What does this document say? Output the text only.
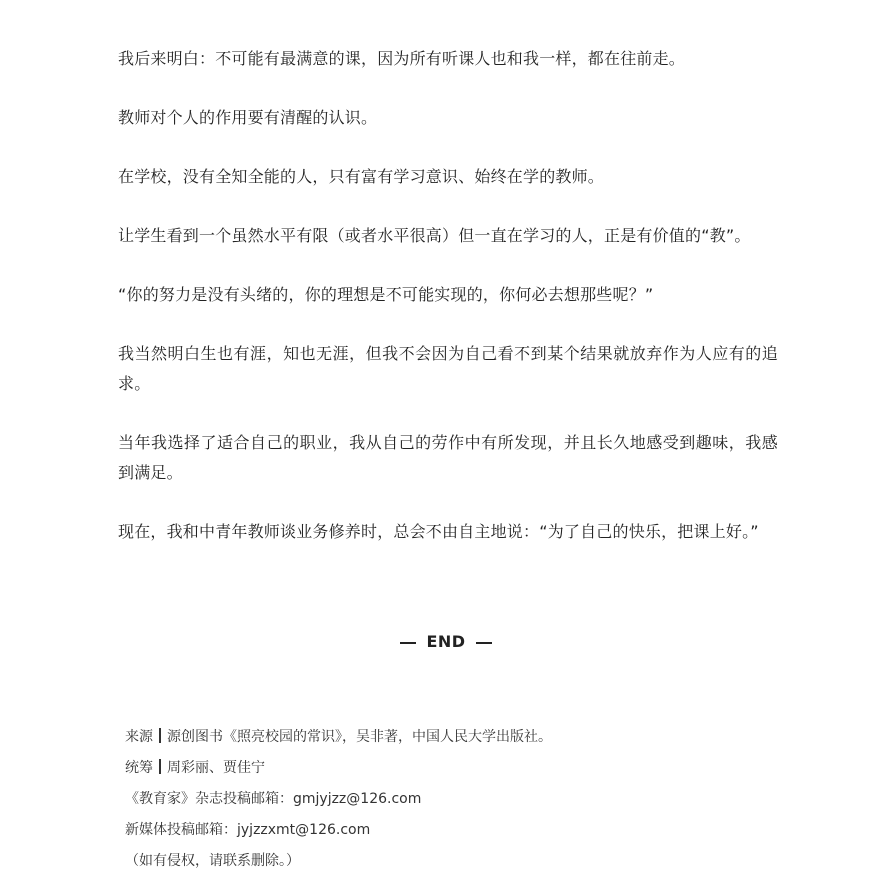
我后来明白：不可能有最满意的课，因为所有听课人也和我一样，都在往前走。

教师对个人的作用要有清醒的认识。

在学校，没有全知全能的人，只有富有学习意识、始终在学的教师。

让学生看到一个虽然水平有限（或者水平很高）但一直在学习的人，正是有价值的“教”。

“你的努力是没有头绪的，你的理想是不可能实现的，你何必去想那些呢？”

我当然明白生也有涯，知也无涯，但我不会因为自己看不到某个结果就放弃作为人应有的追求。

当年我选择了适合自己的职业，我从自己的劳作中有所发现，并且长久地感受到趣味，我感到满足。

现在，我和中青年教师谈业务修养时，总会不由自主地说：“为了自己的快乐，把课上好。”

END
来源 源创图书《照亮校园的常识》，吴非著，中国人民大学出版社。
统筹 周彩丽、贾佳宁
《教育家》杂志投稿邮箱：gmjyjzz@126.com
新媒体投稿邮箱：jyjzzxmt@126.com
（如有侵权，请联系删除。）
